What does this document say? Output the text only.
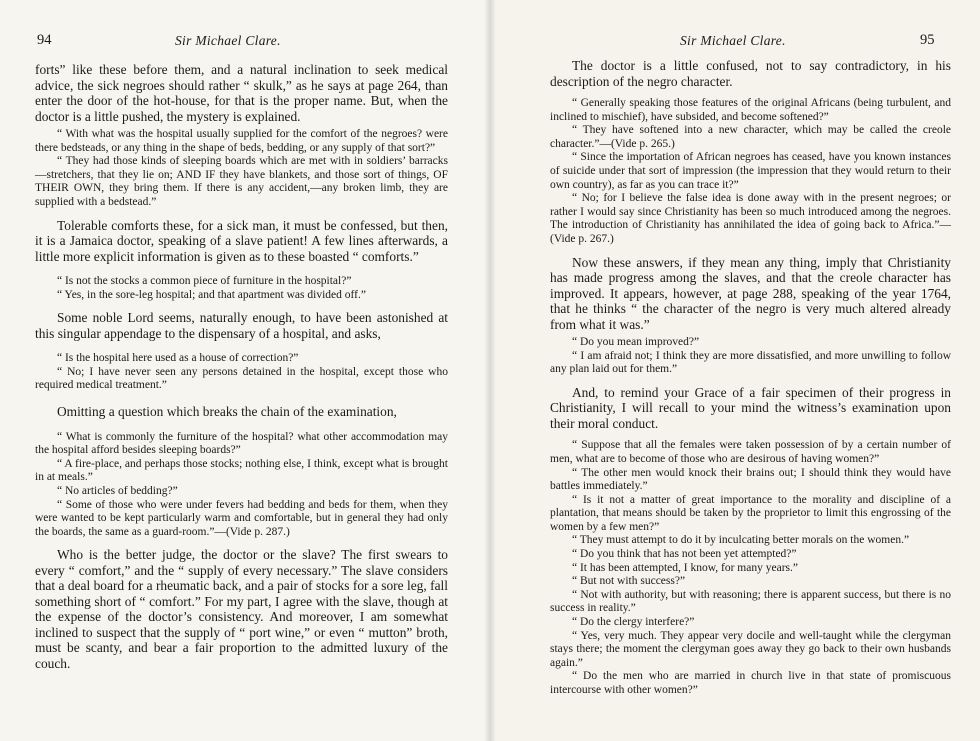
94	Sir Michael Clare.

forts” like these before them, and a natural inclination to seek medical advice, the sick negroes should rather “ skulk,” as he says at page 264, than enter the door of the hot-house, for that is the proper name. But, when the doctor is a little pushed, the mystery is explained.

“ With what was the hospital usually supplied for the comfort of the negroes? were there bedsteads, or any thing in the shape of beds, bedding, or any supply of that sort?”

“ They had those kinds of sleeping boards which are met with in soldiers’ barracks—stretchers, that they lie on; AND IF they have blankets, and those sort of things, OF THEIR OWN, they bring them. If there is any accident,—any broken limb, they are supplied with a bedstead.”

Tolerable comforts these, for a sick man, it must be confessed, but then, it is a Jamaica doctor, speaking of a slave patient! A few lines afterwards, a little more explicit information is given as to these boasted “ comforts.”

“ Is not the stocks a common piece of furniture in the hospital?”

“ Yes, in the sore-leg hospital; and that apartment was divided off.”

Some noble Lord seems, naturally enough, to have been astonished at this singular appendage to the dispensary of a hospital, and asks,

“ Is the hospital here used as a house of correction?”

“ No; I have never seen any persons detained in the hospital, except those who required medical treatment.”

Omitting a question which breaks the chain of the examination,

“ What is commonly the furniture of the hospital? what other accommodation may the hospital afford besides sleeping boards?”

“ A fire-place, and perhaps those stocks; nothing else, I think, except what is brought in at meals.”

“ No articles of bedding?”

“ Some of those who were under fevers had bedding and beds for them, when they were wanted to be kept particularly warm and comfortable, but in general they had only the boards, the same as a guard-room.”—(Vide p. 287.)

Who is the better judge, the doctor or the slave? The first swears to every “ comfort,” and the “ supply of every necessary.” The slave considers that a deal board for a rheumatic back, and a pair of stocks for a sore leg, fall something short of “ comfort.” For my part, I agree with the slave, though at the expense of the doctor’s consistency. And moreover, I am somewhat inclined to suspect that the supply of “ port wine,” or even “ mutton” broth, must be scanty, and bear a fair proportion to the admitted luxury of the couch.

Sir Michael Clare.	95

The doctor is a little confused, not to say contradictory, in his description of the negro character.

“ Generally speaking those features of the original Africans (being turbulent, and inclined to mischief), have subsided, and become softened?”

“ They have softened into a new character, which may be called the creole character.”—(Vide p. 265.)

“ Since the importation of African negroes has ceased, have you known instances of suicide under that sort of impression (the impression that they would return to their own country), as far as you can trace it?”

“ No; for I believe the false idea is done away with in the present negroes; or rather I would say since Christianity has been so much introduced among the negroes. The introduction of Christianity has annihilated the idea of going back to Africa.”—(Vide p. 267.)

Now these answers, if they mean any thing, imply that Christianity has made progress among the slaves, and that the creole character has improved. It appears, however, at page 288, speaking of the year 1764, that he thinks “ the character of the negro is very much altered already from what it was.”

“ Do you mean improved?”

“ I am afraid not; I think they are more dissatisfied, and more unwilling to follow any plan laid out for them.”

And, to remind your Grace of a fair specimen of their progress in Christianity, I will recall to your mind the witness’s examination upon their moral conduct.

“ Suppose that all the females were taken possession of by a certain number of men, what are to become of those who are desirous of having women?”

“ The other men would knock their brains out; I should think they would have battles immediately.”

“ Is it not a matter of great importance to the morality and discipline of a plantation, that means should be taken by the proprietor to limit this engrossing of the women by a few men?”

“ They must attempt to do it by inculcating better morals on the women.”

“ Do you think that has not been yet attempted?”

“ It has been attempted, I know, for many years.”

“ But not with success?”

“ Not with authority, but with reasoning; there is apparent success, but there is no success in reality.”

“ Do the clergy interfere?”

“ Yes, very much. They appear very docile and well-taught while the clergyman stays there; the moment the clergyman goes away they go back to their own husbands again.”

“ Do the men who are married in church live in that state of promiscuous intercourse with other women?”
